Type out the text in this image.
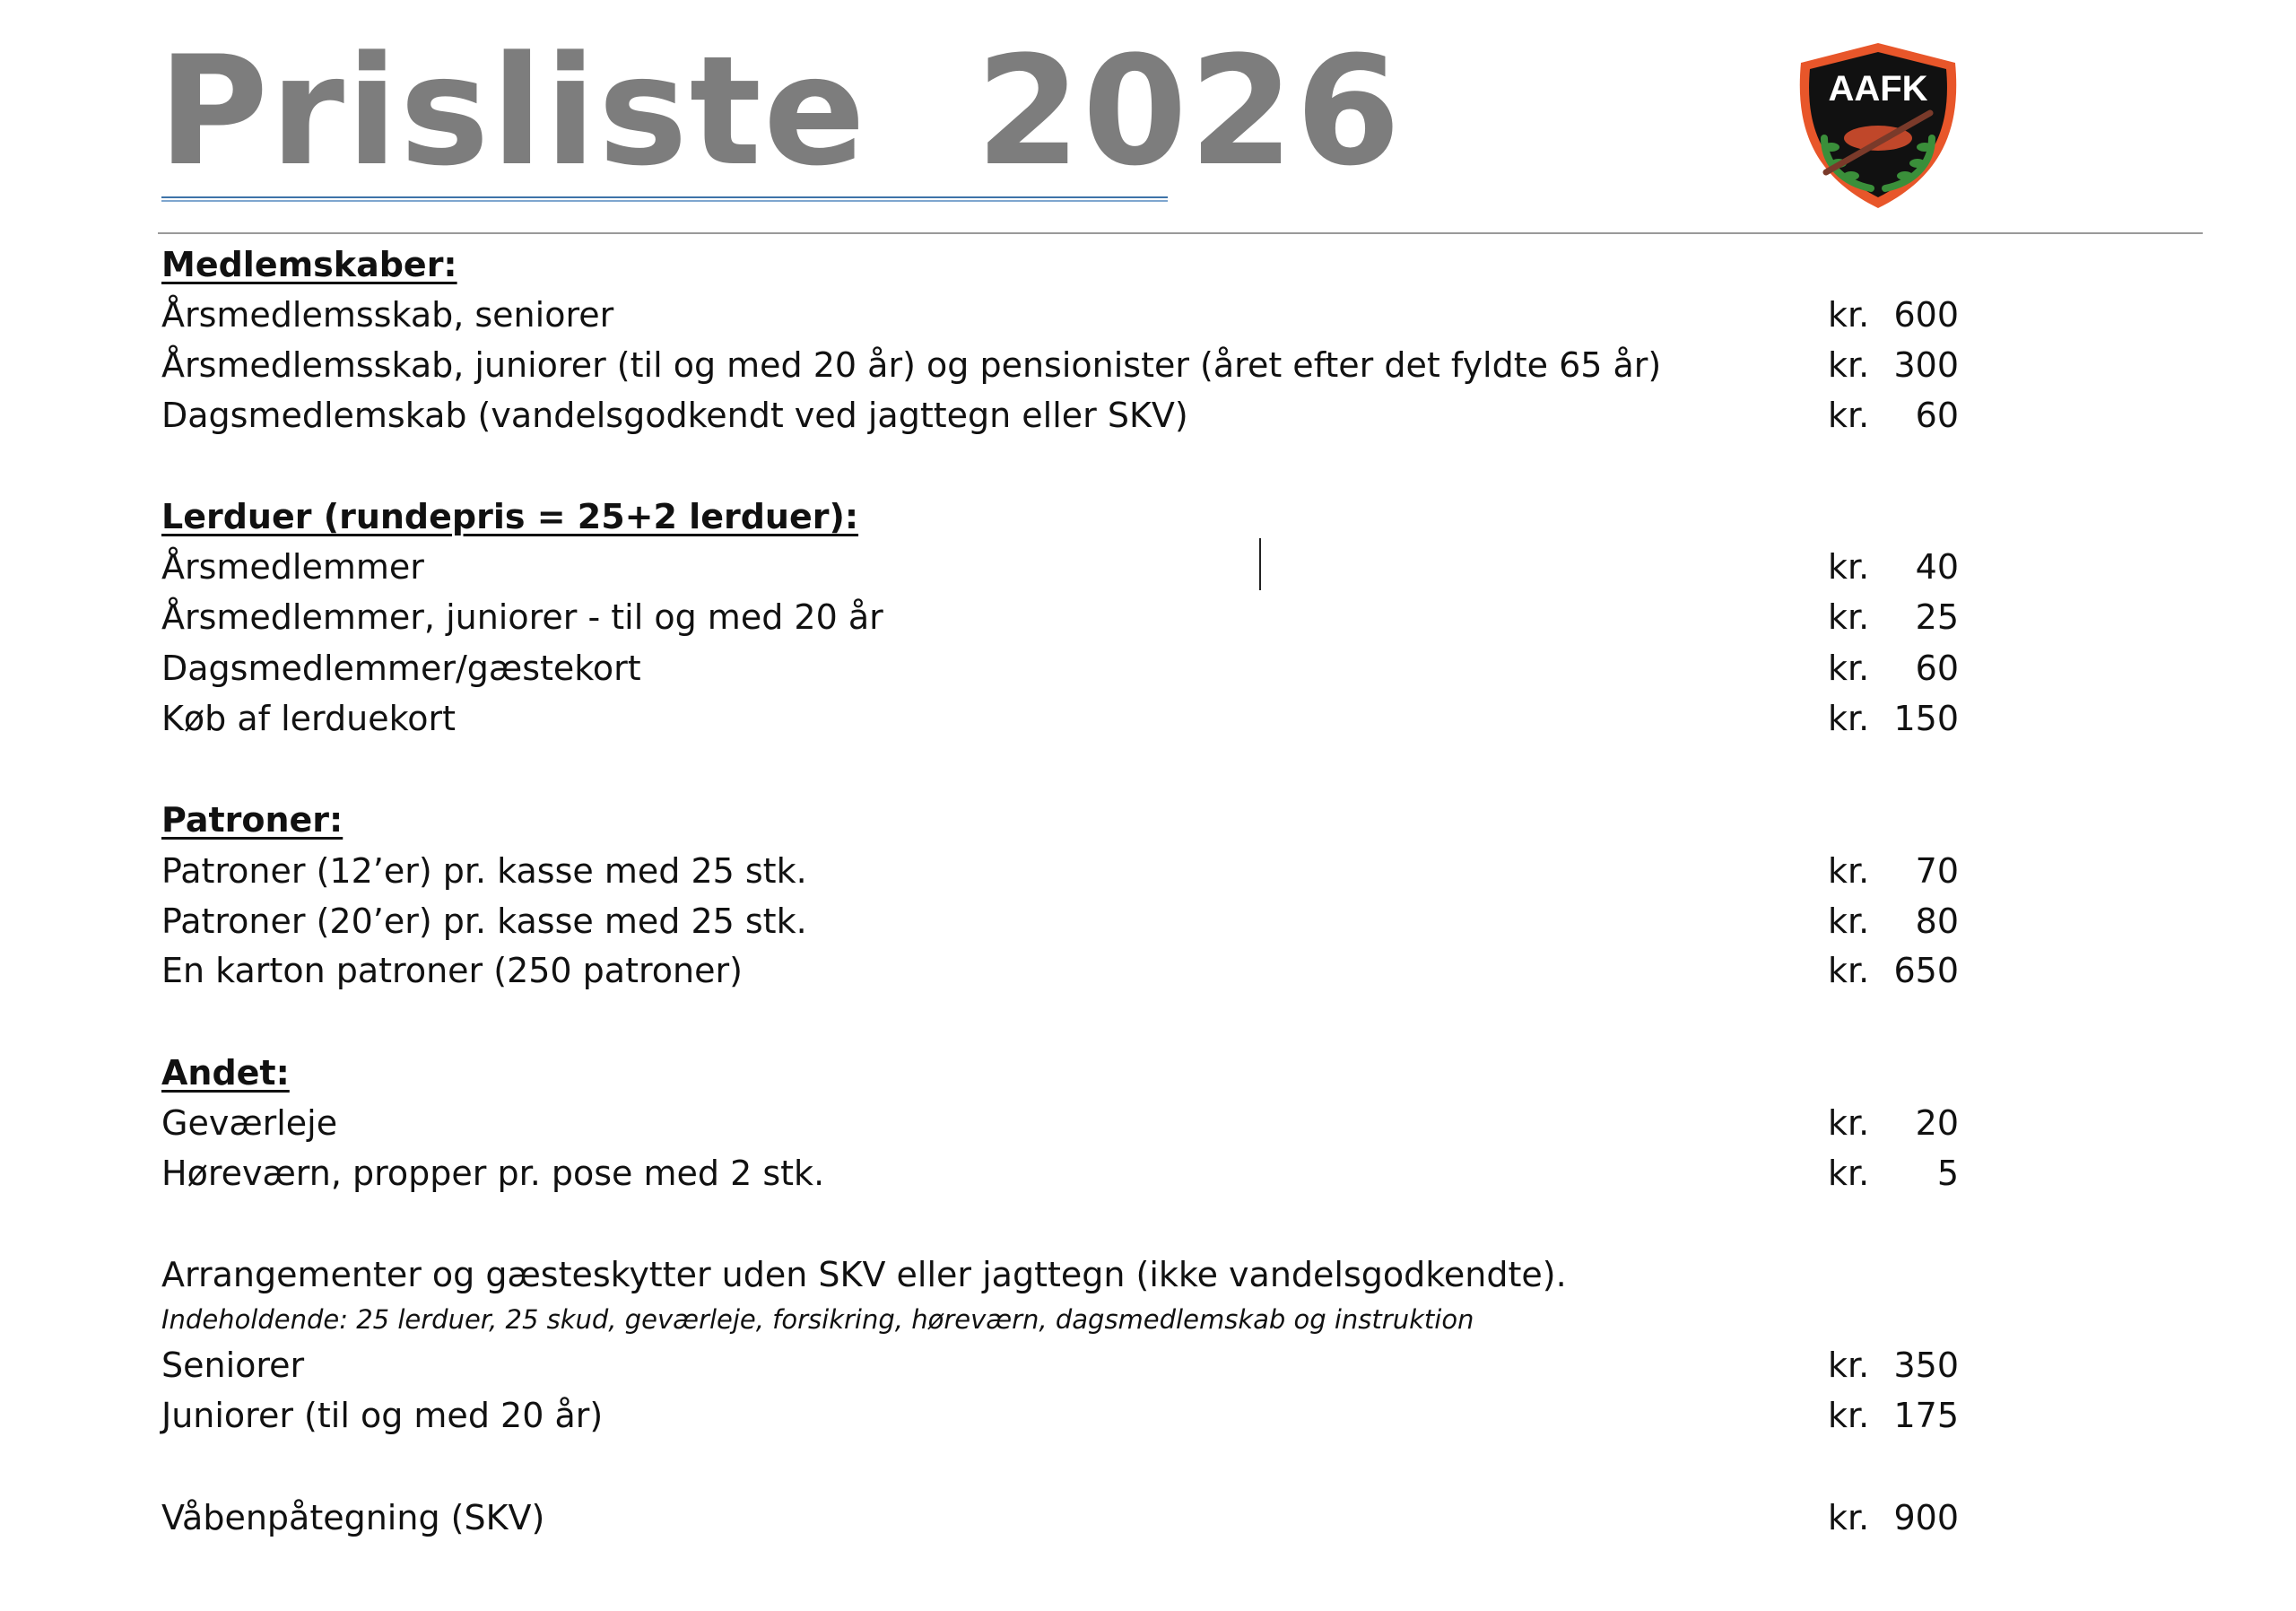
Prisliste  2026	AAFK
Medlemskaber:
Årsmedlemsskab, seniorer	kr. 600
Årsmedlemsskab, juniorer (til og med 20 år) og pensionister (året efter det fyldte 65 år)	kr. 300
Dagsmedlemskab (vandelsgodkendt ved jagttegn eller SKV)	kr. 60
Lerduer (rundepris = 25+2 lerduer):
Årsmedlemmer	kr. 40
Årsmedlemmer, juniorer - til og med 20 år	kr. 25
Dagsmedlemmer/gæstekort	kr. 60
Køb af lerduekort	kr. 150
Patroner:
Patroner (12’er) pr. kasse med 25 stk.	kr. 70
Patroner (20’er) pr. kasse med 25 stk.	kr. 80
En karton patroner (250 patroner)	kr. 650
Andet:
Geværleje	kr. 20
Høreværn, propper pr. pose med 2 stk.	kr. 5
Arrangementer og gæsteskytter uden SKV eller jagttegn (ikke vandelsgodkendte).
Indeholdende: 25 lerduer, 25 skud, geværleje, forsikring, høreværn, dagsmedlemskab og instruktion
Seniorer	kr. 350
Juniorer (til og med 20 år)	kr. 175
Våbenpåtegning (SKV)	kr. 900
